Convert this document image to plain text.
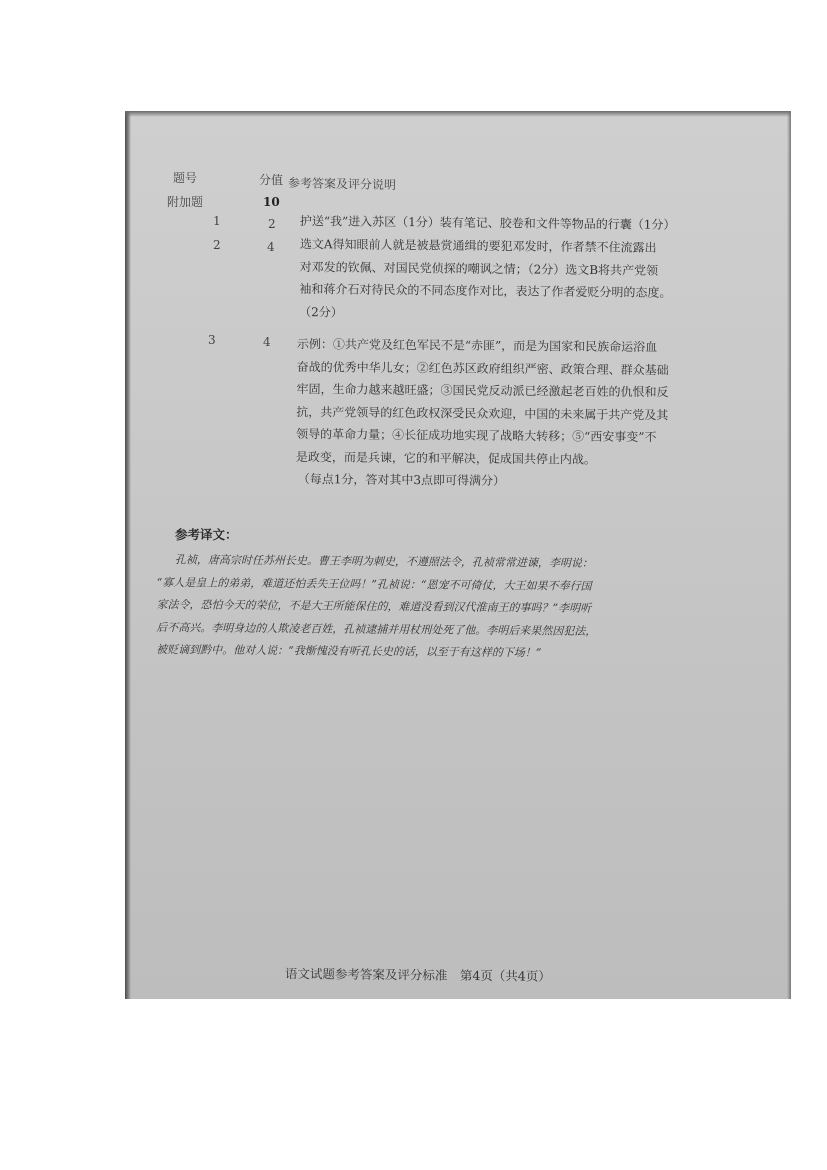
题号	分值 参考答案及评分说明
附加题	10
1	2 护送“我”进入苏区（1分）装有笔记、胶卷和文件等物品的行囊（1分）
2	4 选文A得知眼前人就是被悬赏通缉的要犯邓发时，作者禁不住流露出
对邓发的钦佩、对国民党侦探的嘲讽之情；（2分）选文B将共产党领
袖和蒋介石对待民众的不同态度作对比，表达了作者爱贬分明的态度。
（2分）
3	4 示例：①共产党及红色军民不是“赤匪”，而是为国家和民族命运浴血
奋战的优秀中华儿女；②红色苏区政府组织严密、政策合理、群众基础
牢固，生命力越来越旺盛；③国民党反动派已经激起老百姓的仇恨和反
抗，共产党领导的红色政权深受民众欢迎，中国的未来属于共产党及其
领导的革命力量；④长征成功地实现了战略大转移；⑤“西安事变”不
是政变，而是兵谏，它的和平解决，促成国共停止内战。
（每点1分，答对其中3点即可得满分）
参考译文：
孔祯，唐高宗时任苏州长史。曹王李明为刺史，不遵照法令，孔祯常常进谏，李明说：
“寡人是皇上的弟弟，难道还怕丢失王位吗！”孔祯说：“恩宠不可倚仗，大王如果不奉行国
家法令，恐怕今天的荣位，不是大王所能保住的，难道没看到汉代淮南王的事吗？”李明听
后不高兴。李明身边的人欺凌老百姓，孔祯逮捕并用杖刑处死了他。李明后来果然因犯法，
被贬谪到黔中。他对人说：“我惭愧没有听孔长史的话，以至于有这样的下场！”
语文试题参考答案及评分标准　第4页（共4页）
